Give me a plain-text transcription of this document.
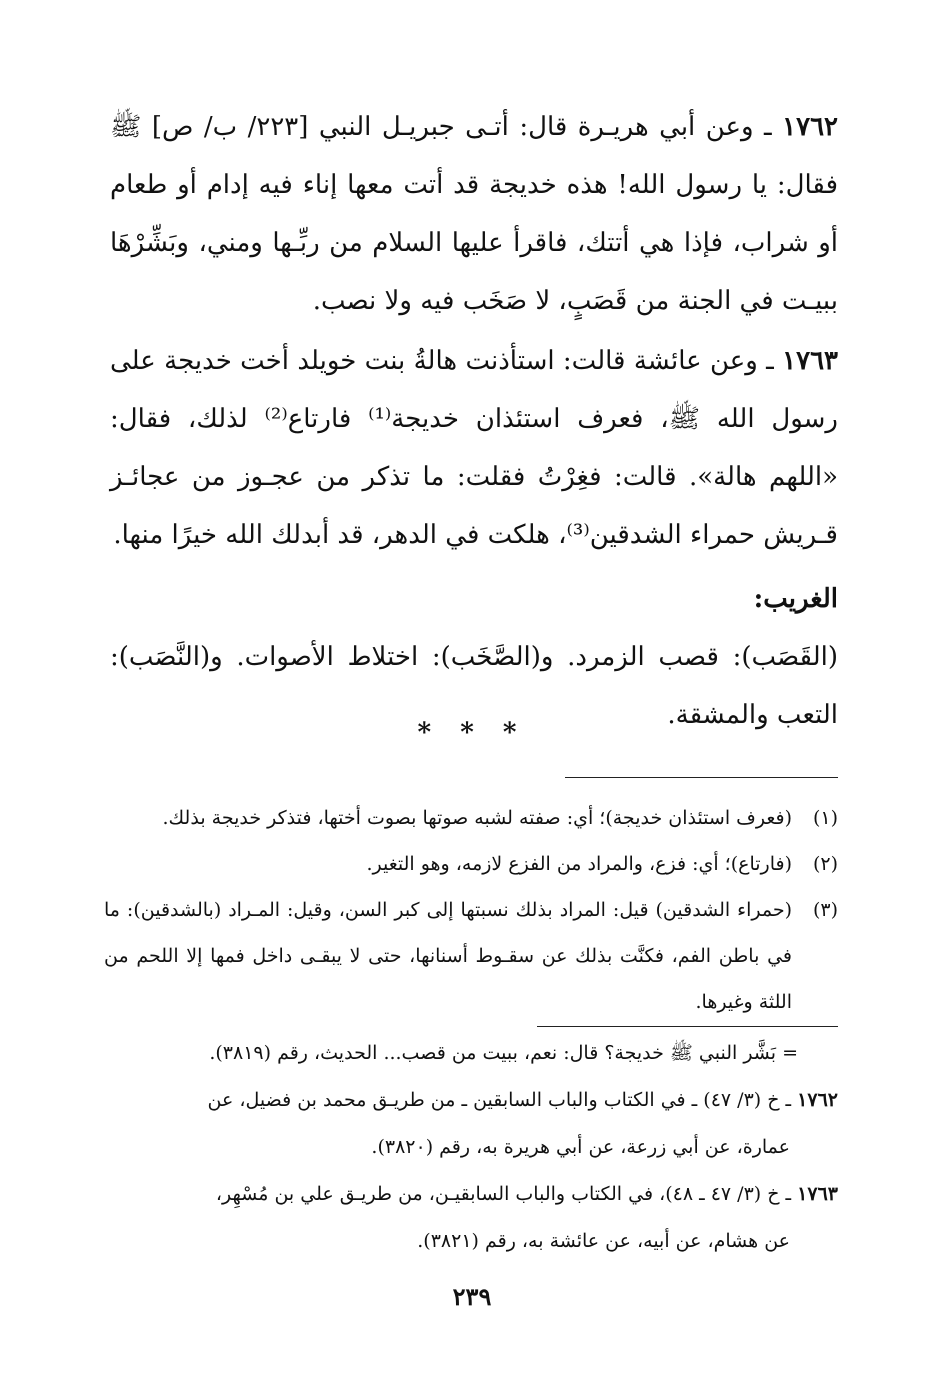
١٧٦٢ ـ وعن أبي هريـرة قال: أتـى جبريـل النبي [٢٢٣/ ب/ ص] ﷺ فقال: يا رسول الله! هذه خديجة قد أتت معها إناء فيه إدام أو طعام أو شراب، فإذا هي أتتك، فاقرأ عليها السلام من ربِّـها ومني، وبَشِّرْهَا ببيـت في الجنة من قَصَبٍ، لا صَخَب فيه ولا نصب.

١٧٦٣ ـ وعن عائشة قالت: استأذنت هالةُ بنت خويلد أخت خديجة على رسول الله ﷺ، فعرف استئذان خديجة⁽¹⁾ فارتاع⁽²⁾ لذلك، فقال: «اللهم هالة». قالت: فغِرْتُ فقلت: ما تذكر من عجـوز من عجائـز قـريش حمراء الشدقين⁽³⁾، هلكت في الدهر، قد أبدلك الله خيرًا منها.

الغريب:

(القَصَب): قصب الزمرد. و(الصَّخَب): اختلاط الأصوات. و(النَّصَب): التعب والمشقة.

* * *
(١)
(فعرف استئذان خديجة)؛ أي: صفته لشبه صوتها بصوت أختها، فتذكر خديجة بذلك.
(٢)
(فارتاع)؛ أي: فزع، والمراد من الفزع لازمه، وهو التغير.
(٣)
(حمراء الشدقين) قيل: المراد بذلك نسبتها إلى كبر السن، وقيل: المـراد (بالشدقين): ما في باطن الفم، فكنَّت بذلك عن سقـوط أسنانها، حتى لا يبقـى داخل فمها إلا اللحم من اللثة وغيرها.

= بَشَّر النبي ﷺ خديجة؟ قال: نعم، ببيت من قصب... الحديث، رقم (٣٨١٩).

١٧٦٢ ـ خ (٣/ ٤٧) ـ في الكتاب والباب السابقين ـ من طريـق محمد بن فضيل، عن

عمارة، عن أبي زرعة، عن أبي هريرة به، رقم (٣٨٢٠).

١٧٦٣ ـ خ (٣/ ٤٧ ـ ٤٨)، في الكتاب والباب السابقيـن، من طريـق علي بن مُسْهِر،

عن هشام، عن أبيه، عن عائشة به، رقم (٣٨٢١).

٢٣٩
